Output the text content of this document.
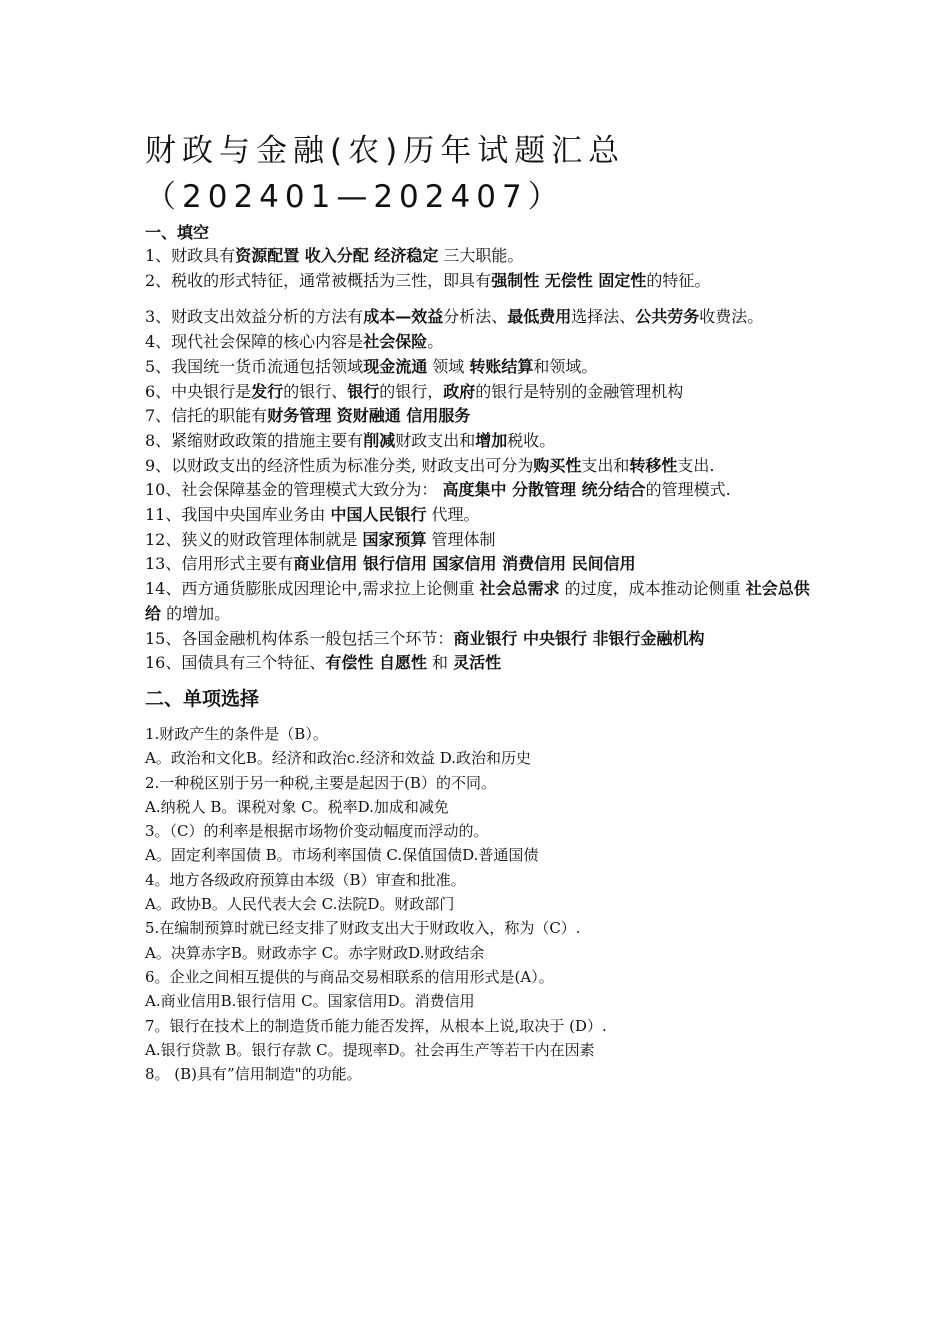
财政与金融(农)历年试题汇总（202401—202407）
一、填空
1、财政具有资源配置 收入分配 经济稳定 三大职能。
2、税收的形式特征，通常被概括为三性，即具有强制性 无偿性 固定性的特征。
3、财政支出效益分析的方法有成本—效益分析法、最低费用选择法、公共劳务收费法。
4、现代社会保障的核心内容是社会保险。
5、我国统一货币流通包括领域现金流通 领域 转账结算和领域。
6、中央银行是发行的银行、银行的银行，政府的银行是特别的金融管理机构
7、信托的职能有财务管理 资财融通 信用服务
8、紧缩财政政策的措施主要有削减财政支出和增加税收。
9、以财政支出的经济性质为标准分类, 财政支出可分为购买性支出和转移性支出.
10、社会保障基金的管理模式大致分为： 高度集中 分散管理 统分结合的管理模式.
11、我国中央国库业务由 中国人民银行 代理。
12、狭义的财政管理体制就是 国家预算 管理体制
13、信用形式主要有商业信用 银行信用 国家信用 消费信用 民间信用
14、西方通货膨胀成因理论中,需求拉上论侧重 社会总需求 的过度，成本推动论侧重 社会总供给 的增加。
15、各国金融机构体系一般包括三个环节：商业银行 中央银行 非银行金融机构
16、国债具有三个特征、有偿性 自愿性 和 灵活性
二、单项选择
1.财政产生的条件是（B）。
A。政治和文化B。经济和政治c.经济和效益 D.政治和历史
2.一种税区别于另一种税,主要是起因于(B）的不同。
A.纳税人 B。课税对象 C。税率D.加成和减免
3。（C）的利率是根据市场物价变动幅度而浮动的。
A。固定利率国债 B。市场利率国债 C.保值国债D.普通国债
4。地方各级政府预算由本级（B）审查和批准。
A。政协B。人民代表大会 C.法院D。财政部门
5.在编制预算时就已经支排了财政支出大于财政收入，称为（C）.
A。决算赤字B。财政赤字 C。赤字财政D.财政结余
6。企业之间相互提供的与商品交易相联系的信用形式是(A）。
A.商业信用B.银行信用 C。国家信用D。消费信用
7。银行在技术上的制造货币能力能否发挥，从根本上说,取决于 (D）.
A.银行贷款 B。银行存款 C。提现率D。社会再生产等若干内在因素
8。 (B)具有”信用制造"的功能。
